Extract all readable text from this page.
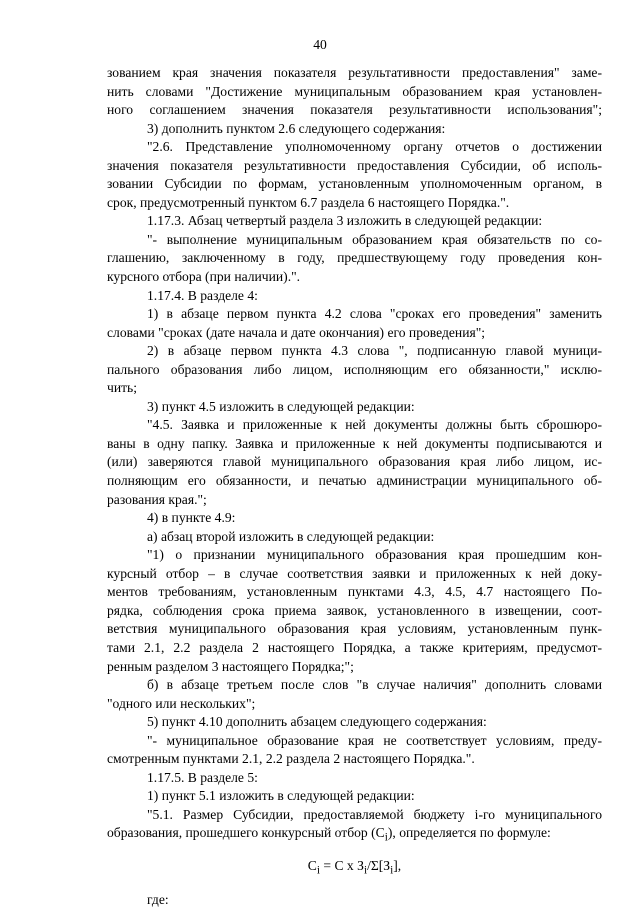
40
зованием края значения показателя результативности предоставления" заме-
нить словами "Достижение муниципальным образованием края установлен-
ного соглашением значения показателя результативности использования";
3) дополнить пунктом 2.6 следующего содержания:
"2.6. Представление уполномоченному органу отчетов о достижении
значения показателя результативности предоставления Субсидии, об исполь-
зовании Субсидии по формам, установленным уполномоченным органом, в
срок, предусмотренный пунктом 6.7 раздела 6 настоящего Порядка.".
1.17.3. Абзац четвертый раздела 3 изложить в следующей редакции:
"- выполнение муниципальным образованием края обязательств по со-
глашению, заключенному в году, предшествующему году проведения кон-
курсного отбора (при наличии).".
1.17.4. В разделе 4:
1) в абзаце первом пункта 4.2 слова "сроках его проведения" заменить
словами "сроках (дате начала и дате окончания) его проведения";
2) в абзаце первом пункта 4.3 слова ", подписанную главой муници-
пального образования либо лицом, исполняющим его обязанности," исклю-
чить;
3) пункт 4.5 изложить в следующей редакции:
"4.5. Заявка и приложенные к ней документы должны быть сброшюро-
ваны в одну папку. Заявка и приложенные к ней документы подписываются и
(или) заверяются главой муниципального образования края либо лицом, ис-
полняющим его обязанности, и печатью администрации муниципального об-
разования края.";
4) в пункте 4.9:
а) абзац второй изложить в следующей редакции:
"1) о признании муниципального образования края прошедшим кон-
курсный отбор – в случае соответствия заявки и приложенных к ней доку-
ментов требованиям, установленным пунктами 4.3, 4.5, 4.7 настоящего По-
рядка, соблюдения срока приема заявок, установленного в извещении, соот-
ветствия муниципального образования края условиям, установленным пунк-
тами 2.1, 2.2 раздела 2 настоящего Порядка, а также критериям, предусмот-
ренным разделом 3 настоящего Порядка;";
б) в абзаце третьем после слов "в случае наличия" дополнить словами
"одного или нескольких";
5) пункт 4.10 дополнить абзацем следующего содержания:
"- муниципальное образование края не соответствует условиям, преду-
смотренным пунктами 2.1, 2.2 раздела 2 настоящего Порядка.".
1.17.5. В разделе 5:
1) пункт 5.1 изложить в следующей редакции:
"5.1. Размер Субсидии, предоставляемой бюджету i-го муниципального
образования, прошедшего конкурсный отбор $(C_i)$, определяется по формуле:
$C_i = C$ x $З_i/\Sigma[З_i]$,
где:
